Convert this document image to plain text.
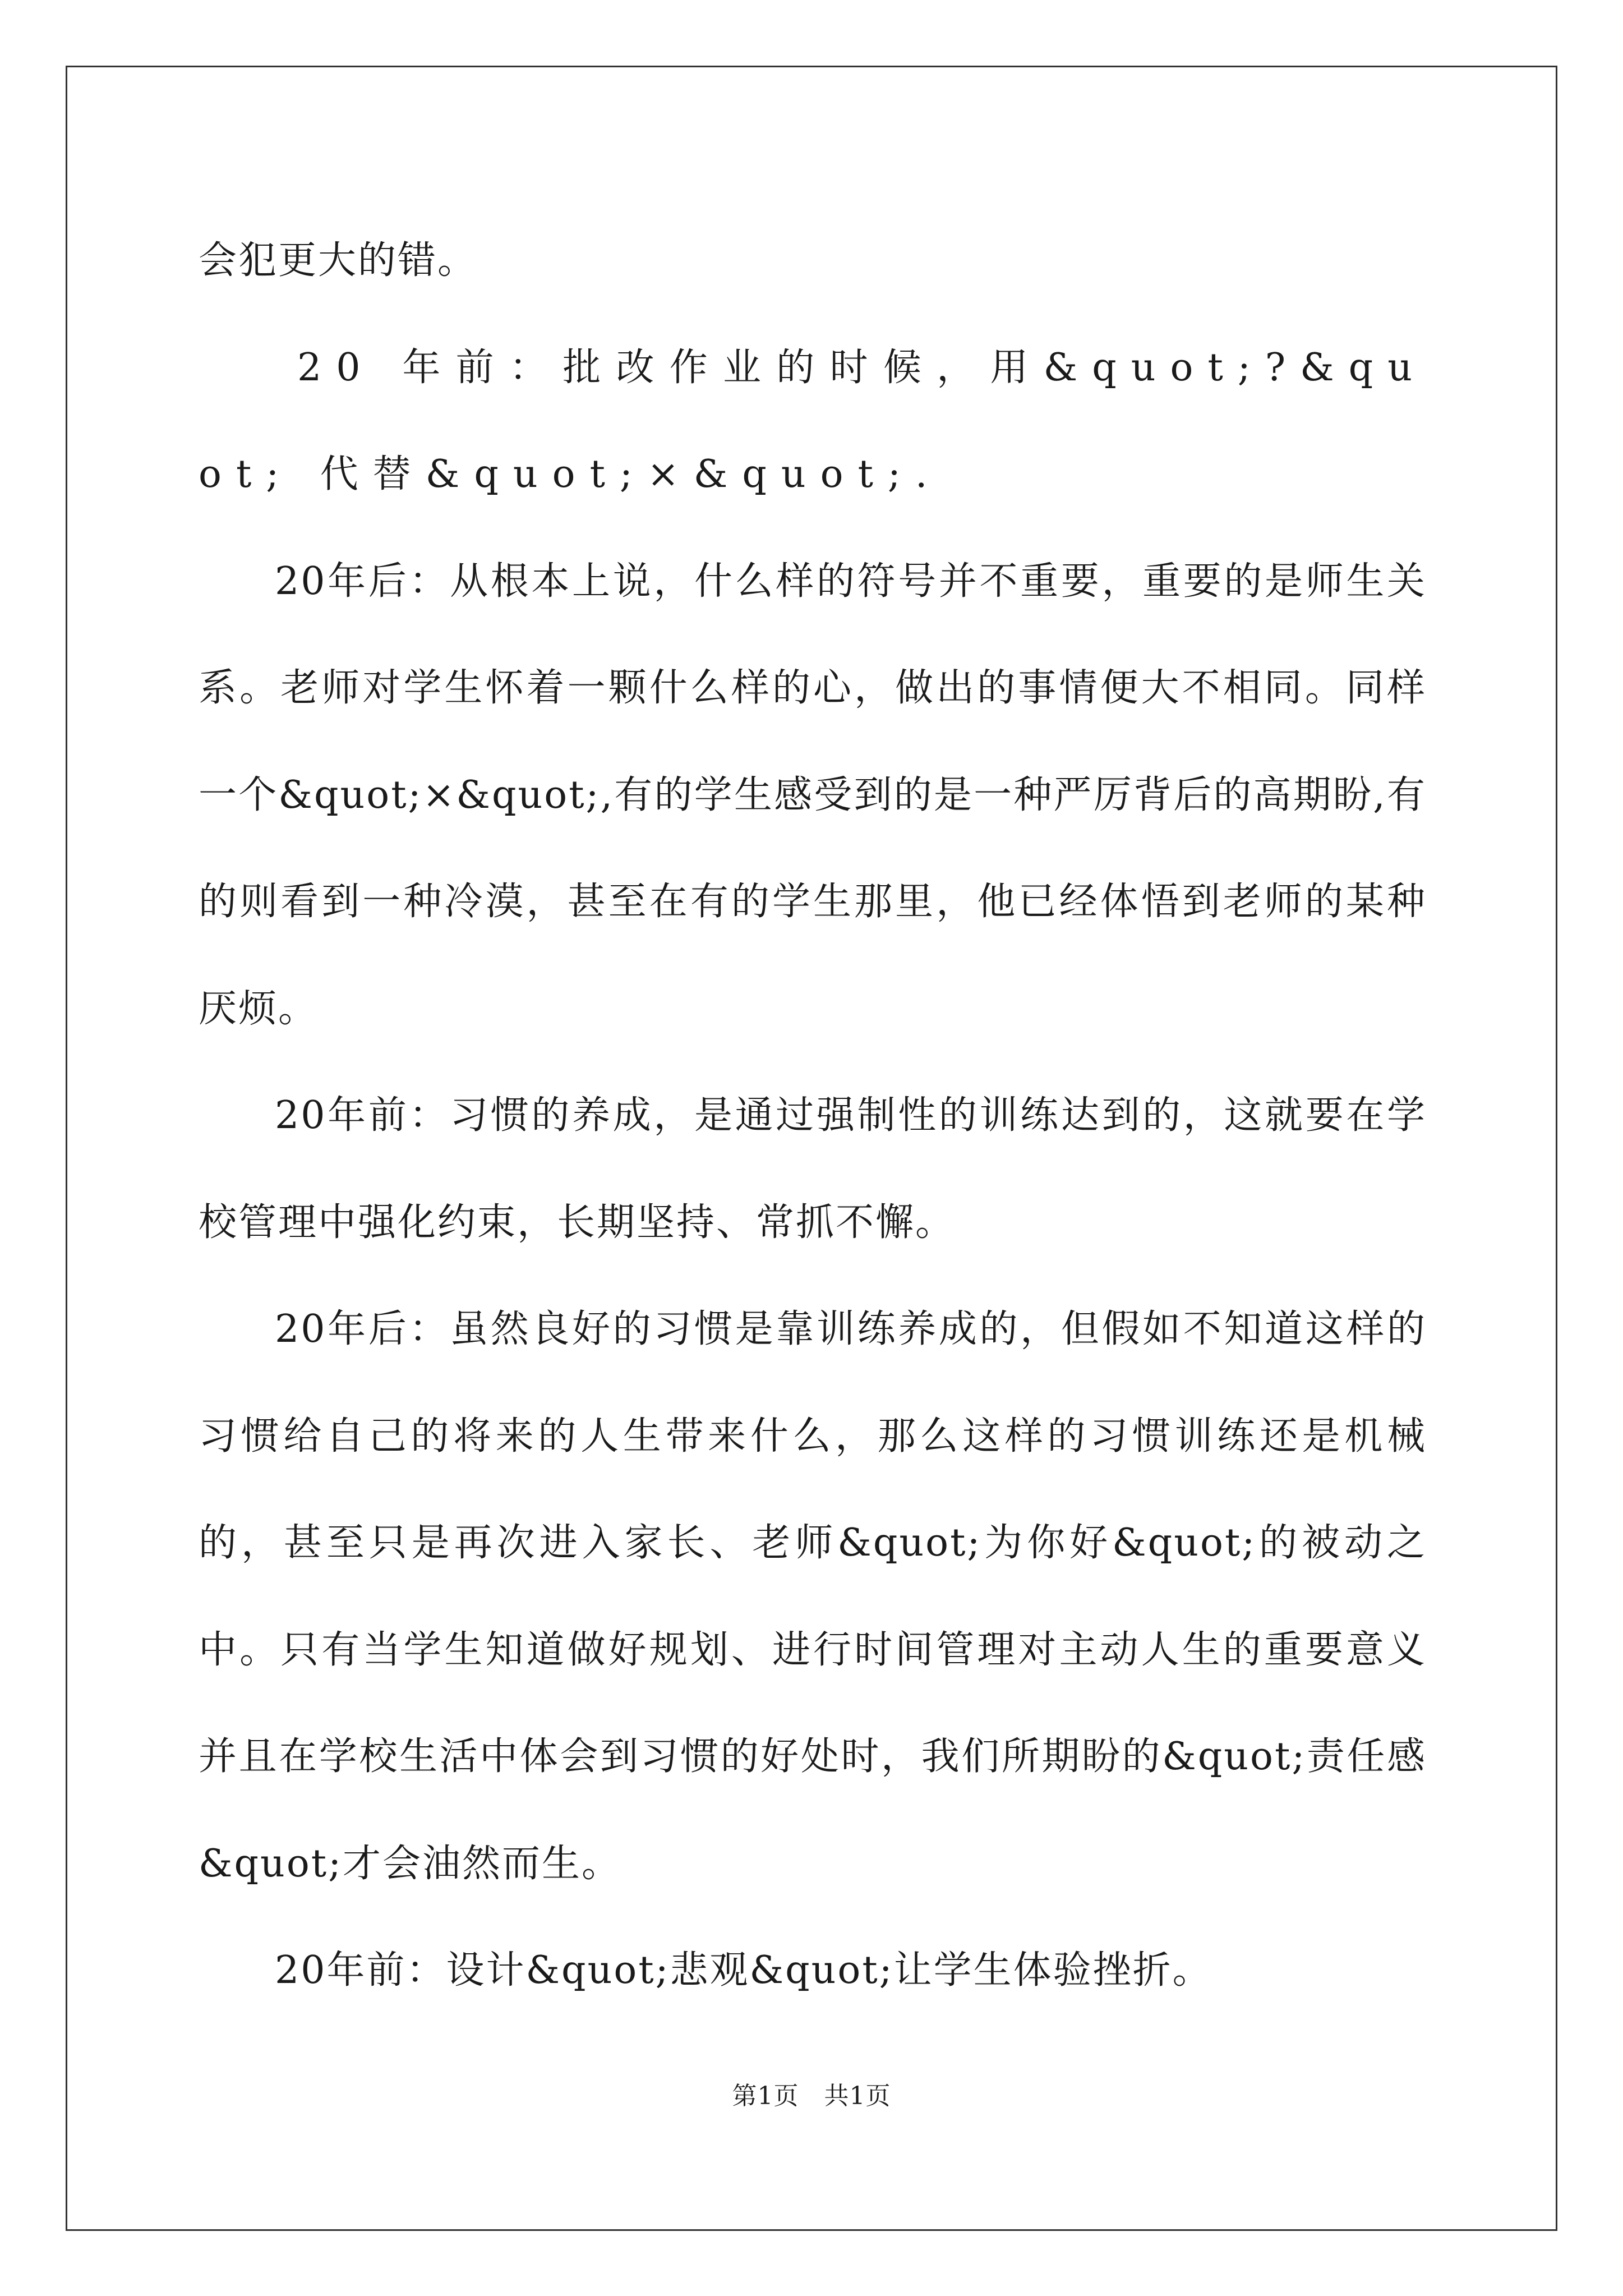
会犯更大的错。

20 年前：批改作业的时候，用&quot;?&quot; 代替&quot;×&quot;.

20年后：从根本上说，什么样的符号并不重要，重要的是师生关系。老师对学生怀着一颗什么样的心，做出的事情便大不相同。同样一个&quot;×&quot;,有的学生感受到的是一种严厉背后的高期盼,有的则看到一种冷漠，甚至在有的学生那里，他已经体悟到老师的某种厌烦。

20年前：习惯的养成，是通过强制性的训练达到的，这就要在学校管理中强化约束，长期坚持、常抓不懈。

20年后：虽然良好的习惯是靠训练养成的，但假如不知道这样的习惯给自己的将来的人生带来什么，那么这样的习惯训练还是机械的，甚至只是再次进入家长、老师&quot;为你好&quot;的被动之中。只有当学生知道做好规划、进行时间管理对主动人生的重要意义并且在学校生活中体会到习惯的好处时，我们所期盼的&quot;责任感&quot;才会油然而生。

20年前：设计&quot;悲观&quot;让学生体验挫折。

第1页　共1页
